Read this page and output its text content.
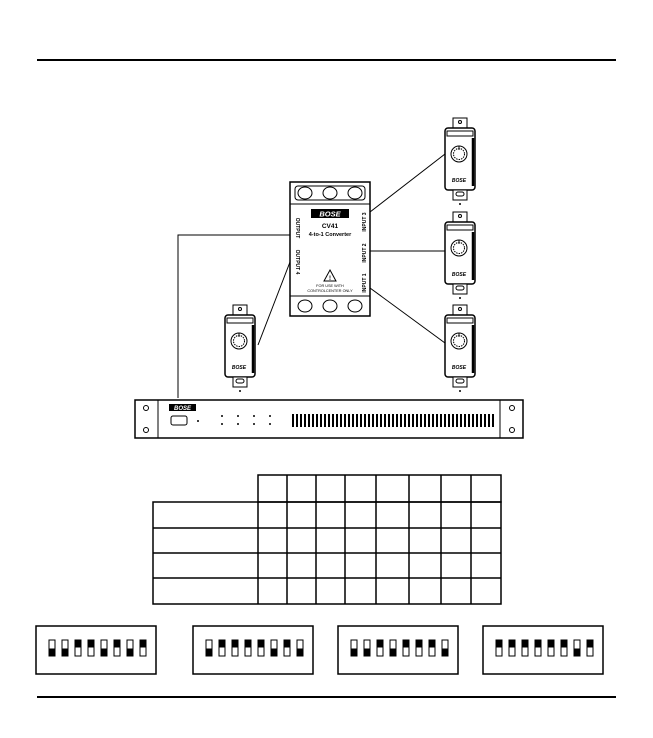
BOSE
CV41
4-to-1 Converter
OUTPUT
OUTPUT 4
INPUT 3
INPUT 2
INPUT 1
!
FOR USE WITH
CONTROLCENTER ONLY
BOSE
BOSE
BOSE
BOSE
BOSE
